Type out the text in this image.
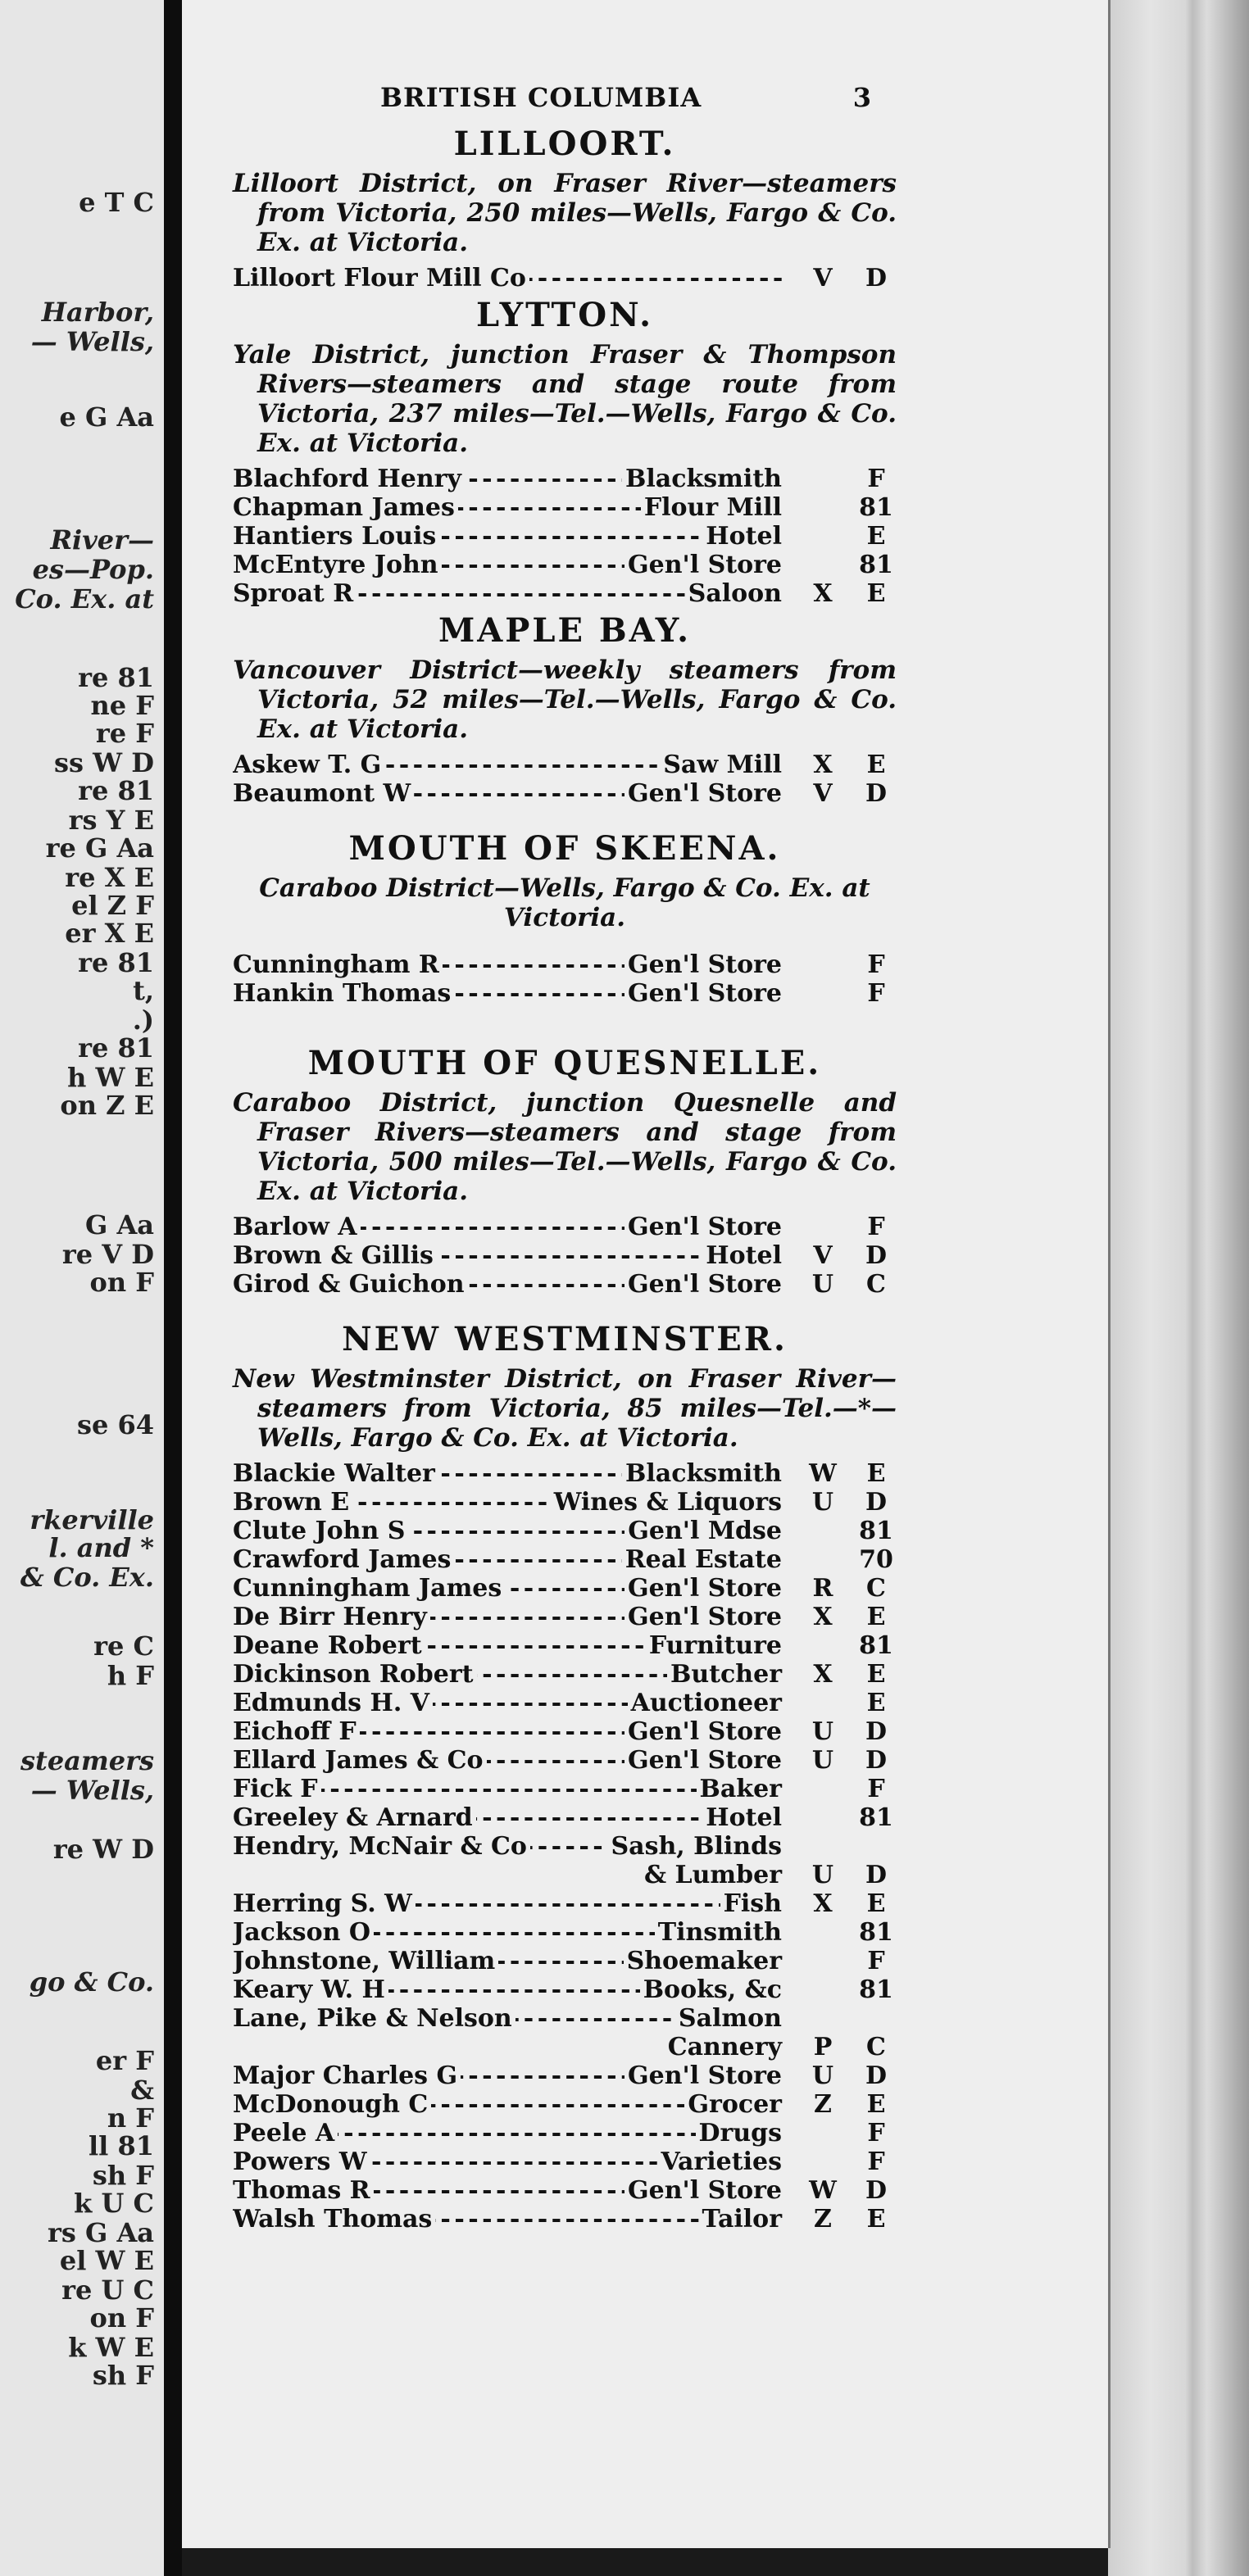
e T C
Harbor,
— Wells,
e G Aa
River—
es—Pop.
Co. Ex. at
re 81
ne F
re F
ss W D
re 81
rs Y E
re G Aa
re X E
el Z F
er X E
re 81
t,
.)
re 81
h W E
on Z E
G Aa
re V D
on F
se 64
rkerville
l. and *
& Co. Ex.
re C
h F
steamers
— Wells,
re W D
go & Co.
er F
&
n F
ll 81
sh F
k U C
rs G Aa
el W E
re U C
on F
k W E
sh F
BRITISH COLUMBIA	3
LILLOORT.
Lilloort District, on Fraser River—steamers from Victoria, 250 miles—Wells, Fargo & Co. Ex. at Victoria.
Lilloort Flour Mill Co - - -	V	D
LYTTON.
Yale District, junction Fraser & Thompson Rivers—steamers and stage route from Victoria, 237 miles—Tel.—Wells, Fargo & Co. Ex. at Victoria.
Blachford Henry - - -	Blacksmith	F
Chapman James - - -	Flour Mill	81
Hantiers Louis - - -	Hotel	E
McEntyre John - - -	Gen'l Store	81
Sproat R - - -	Saloon X	E
MAPLE BAY.
Vancouver District—weekly steamers from Victoria, 52 miles—Tel.—Wells, Fargo & Co. Ex. at Victoria.
Askew T. G - - -	Saw Mill X	E
Beaumont W - - -	Gen'l Store V	D
MOUTH OF SKEENA.
Caraboo District—Wells, Fargo & Co. Ex. at Victoria.
Cunningham R - - -	Gen'l Store	F
Hankin Thomas - - -	Gen'l Store	F
MOUTH OF QUESNELLE.
Caraboo District, junction Quesnelle and Fraser Rivers—steamers and stage from Victoria, 500 miles—Tel.—Wells, Fargo & Co. Ex. at Victoria.
Barlow A - - -	Gen'l Store	F
Brown & Gillis - - -	Hotel V	D
Girod & Guichon - - -	Gen'l Store U	C
NEW WESTMINSTER.
New Westminster District, on Fraser River—steamers from Victoria, 85 miles—Tel.—*—Wells, Fargo & Co. Ex. at Victoria.
Blackie Walter - - -	Blacksmith W	E
Brown E - - -	Wines & Liquors U	D
Clute John S - - -	Gen'l Mdse	81
Crawford James - - -	Real Estate	70
Cunningham James - - -	Gen'l Store R	C
De Birr Henry - - -	Gen'l Store X	E
Deane Robert - - -	Furniture	81
Dickinson Robert - - -	Butcher X	E
Edmunds H. V - - -	Auctioneer	E
Eichoff F - - -	Gen'l Store U	D
Ellard James & Co - - -	Gen'l Store U	D
Fick F - - -	Baker	F
Greeley & Arnard - - -	Hotel	81
Hendry, McNair & Co - - -	Sash, Blinds
& Lumber U	D
Herring S. W - - -	Fish X	E
Jackson O - - -	Tinsmith	81
Johnstone, William - - -	Shoemaker	F
Keary W. H - - -	Books, &c	81
Lane, Pike & Nelson - - -	Salmon
Cannery P	C
Major Charles G - - -	Gen'l Store U	D
McDonough C - - -	Grocer	Z	E
Peele A - - -	Drugs	F
Powers W - - -	Varieties	F
Thomas R - - -	Gen'l Store W	D
Walsh Thomas - - -	Tailor	Z	E
